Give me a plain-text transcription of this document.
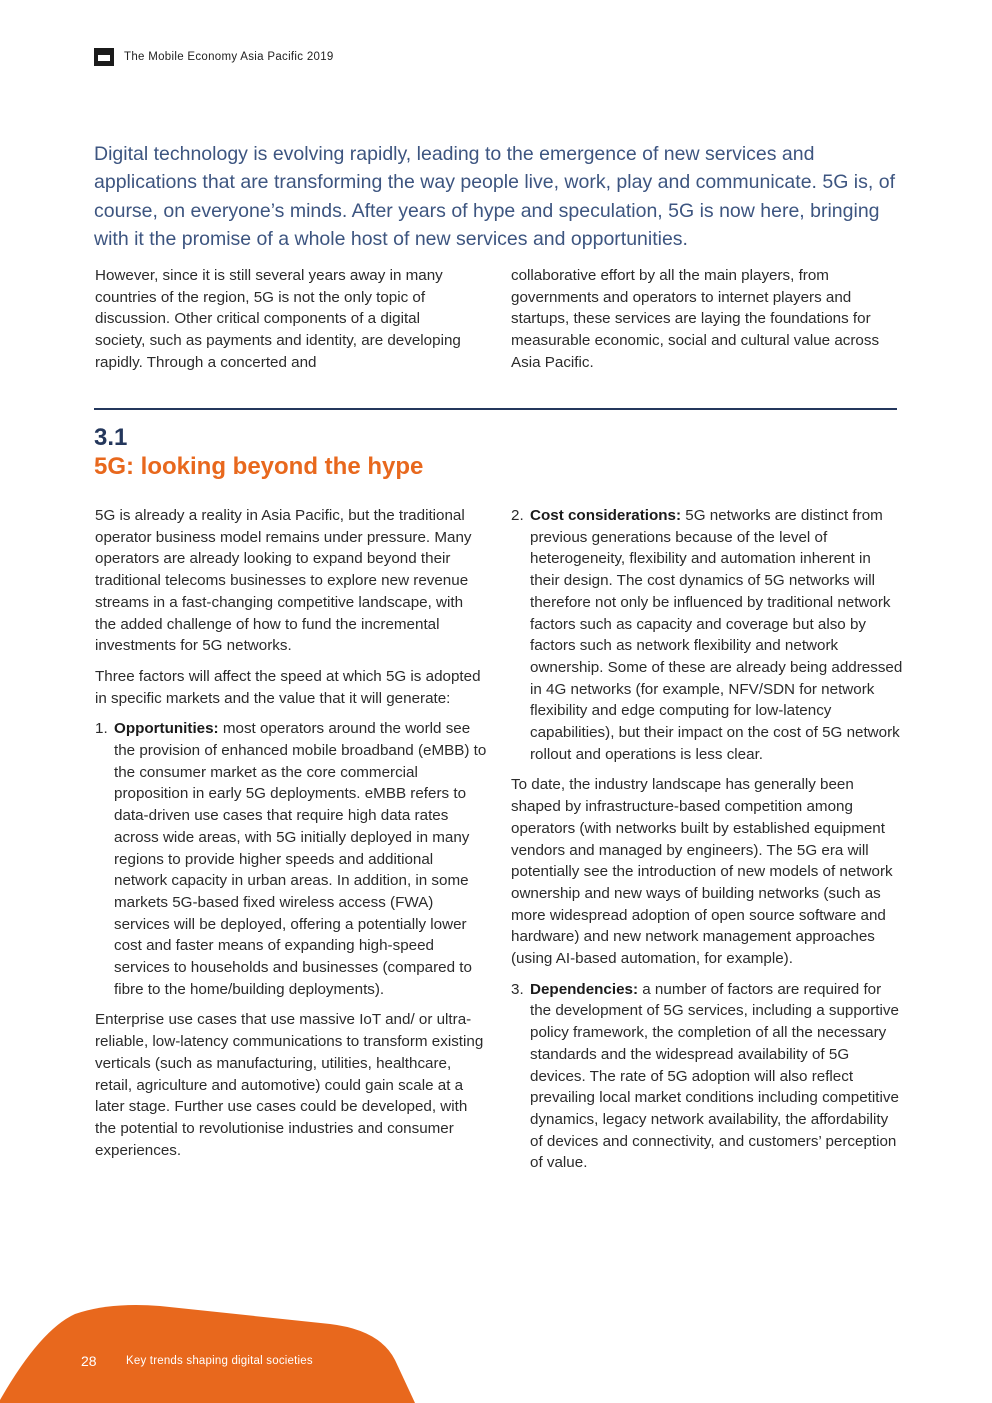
The Mobile Economy Asia Pacific 2019

Digital technology is evolving rapidly, leading to the emergence of new services and applications that are transforming the way people live, work, play and communicate. 5G is, of course, on everyone’s minds. After years of hype and speculation, 5G is now here, bringing with it the promise of a whole host of new services and opportunities.

However, since it is still several years away in many countries of the region, 5G is not the only topic of discussion. Other critical components of a digital society, such as payments and identity, are developing rapidly. Through a concerted and

collaborative effort by all the main players, from governments and operators to internet players and startups, these services are laying the foundations for measurable economic, social and cultural value across Asia Pacific.

3.1
5G: looking beyond the hype

5G is already a reality in Asia Pacific, but the traditional operator business model remains under pressure. Many operators are already looking to expand beyond their traditional telecoms businesses to explore new revenue streams in a fast-changing competitive landscape, with the added challenge of how to fund the incremental investments for 5G networks.

Three factors will affect the speed at which 5G is adopted in specific markets and the value that it will generate:

1. Opportunities: most operators around the world see the provision of enhanced mobile broadband (eMBB) to the consumer market as the core commercial proposition in early 5G deployments. eMBB refers to data-driven use cases that require high data rates across wide areas, with 5G initially deployed in many regions to provide higher speeds and additional network capacity in urban areas. In addition, in some markets 5G-based fixed wireless access (FWA) services will be deployed, offering a potentially lower cost and faster means of expanding high-speed services to households and businesses (compared to fibre to the home/building deployments).

Enterprise use cases that use massive IoT and/ or ultra-reliable, low-latency communications to transform existing verticals (such as manufacturing, utilities, healthcare, retail, agriculture and automotive) could gain scale at a later stage. Further use cases could be developed, with the potential to revolutionise industries and consumer experiences.

2. Cost considerations: 5G networks are distinct from previous generations because of the level of heterogeneity, flexibility and automation inherent in their design. The cost dynamics of 5G networks will therefore not only be influenced by traditional network factors such as capacity and coverage but also by factors such as network flexibility and network ownership. Some of these are already being addressed in 4G networks (for example, NFV/SDN for network flexibility and edge computing for low-latency capabilities), but their impact on the cost of 5G network rollout and operations is less clear.

To date, the industry landscape has generally been shaped by infrastructure-based competition among operators (with networks built by established equipment vendors and managed by engineers). The 5G era will potentially see the introduction of new models of network ownership and new ways of building networks (such as more widespread adoption of open source software and hardware) and new network management approaches (using AI-based automation, for example).

3. Dependencies: a number of factors are required for the development of 5G services, including a supportive policy framework, the completion of all the necessary standards and the widespread availability of 5G devices. The rate of 5G adoption will also reflect prevailing local market conditions including competitive dynamics, legacy network availability, the affordability of devices and connectivity, and customers’ perception of value.
28	Key trends shaping digital societies
